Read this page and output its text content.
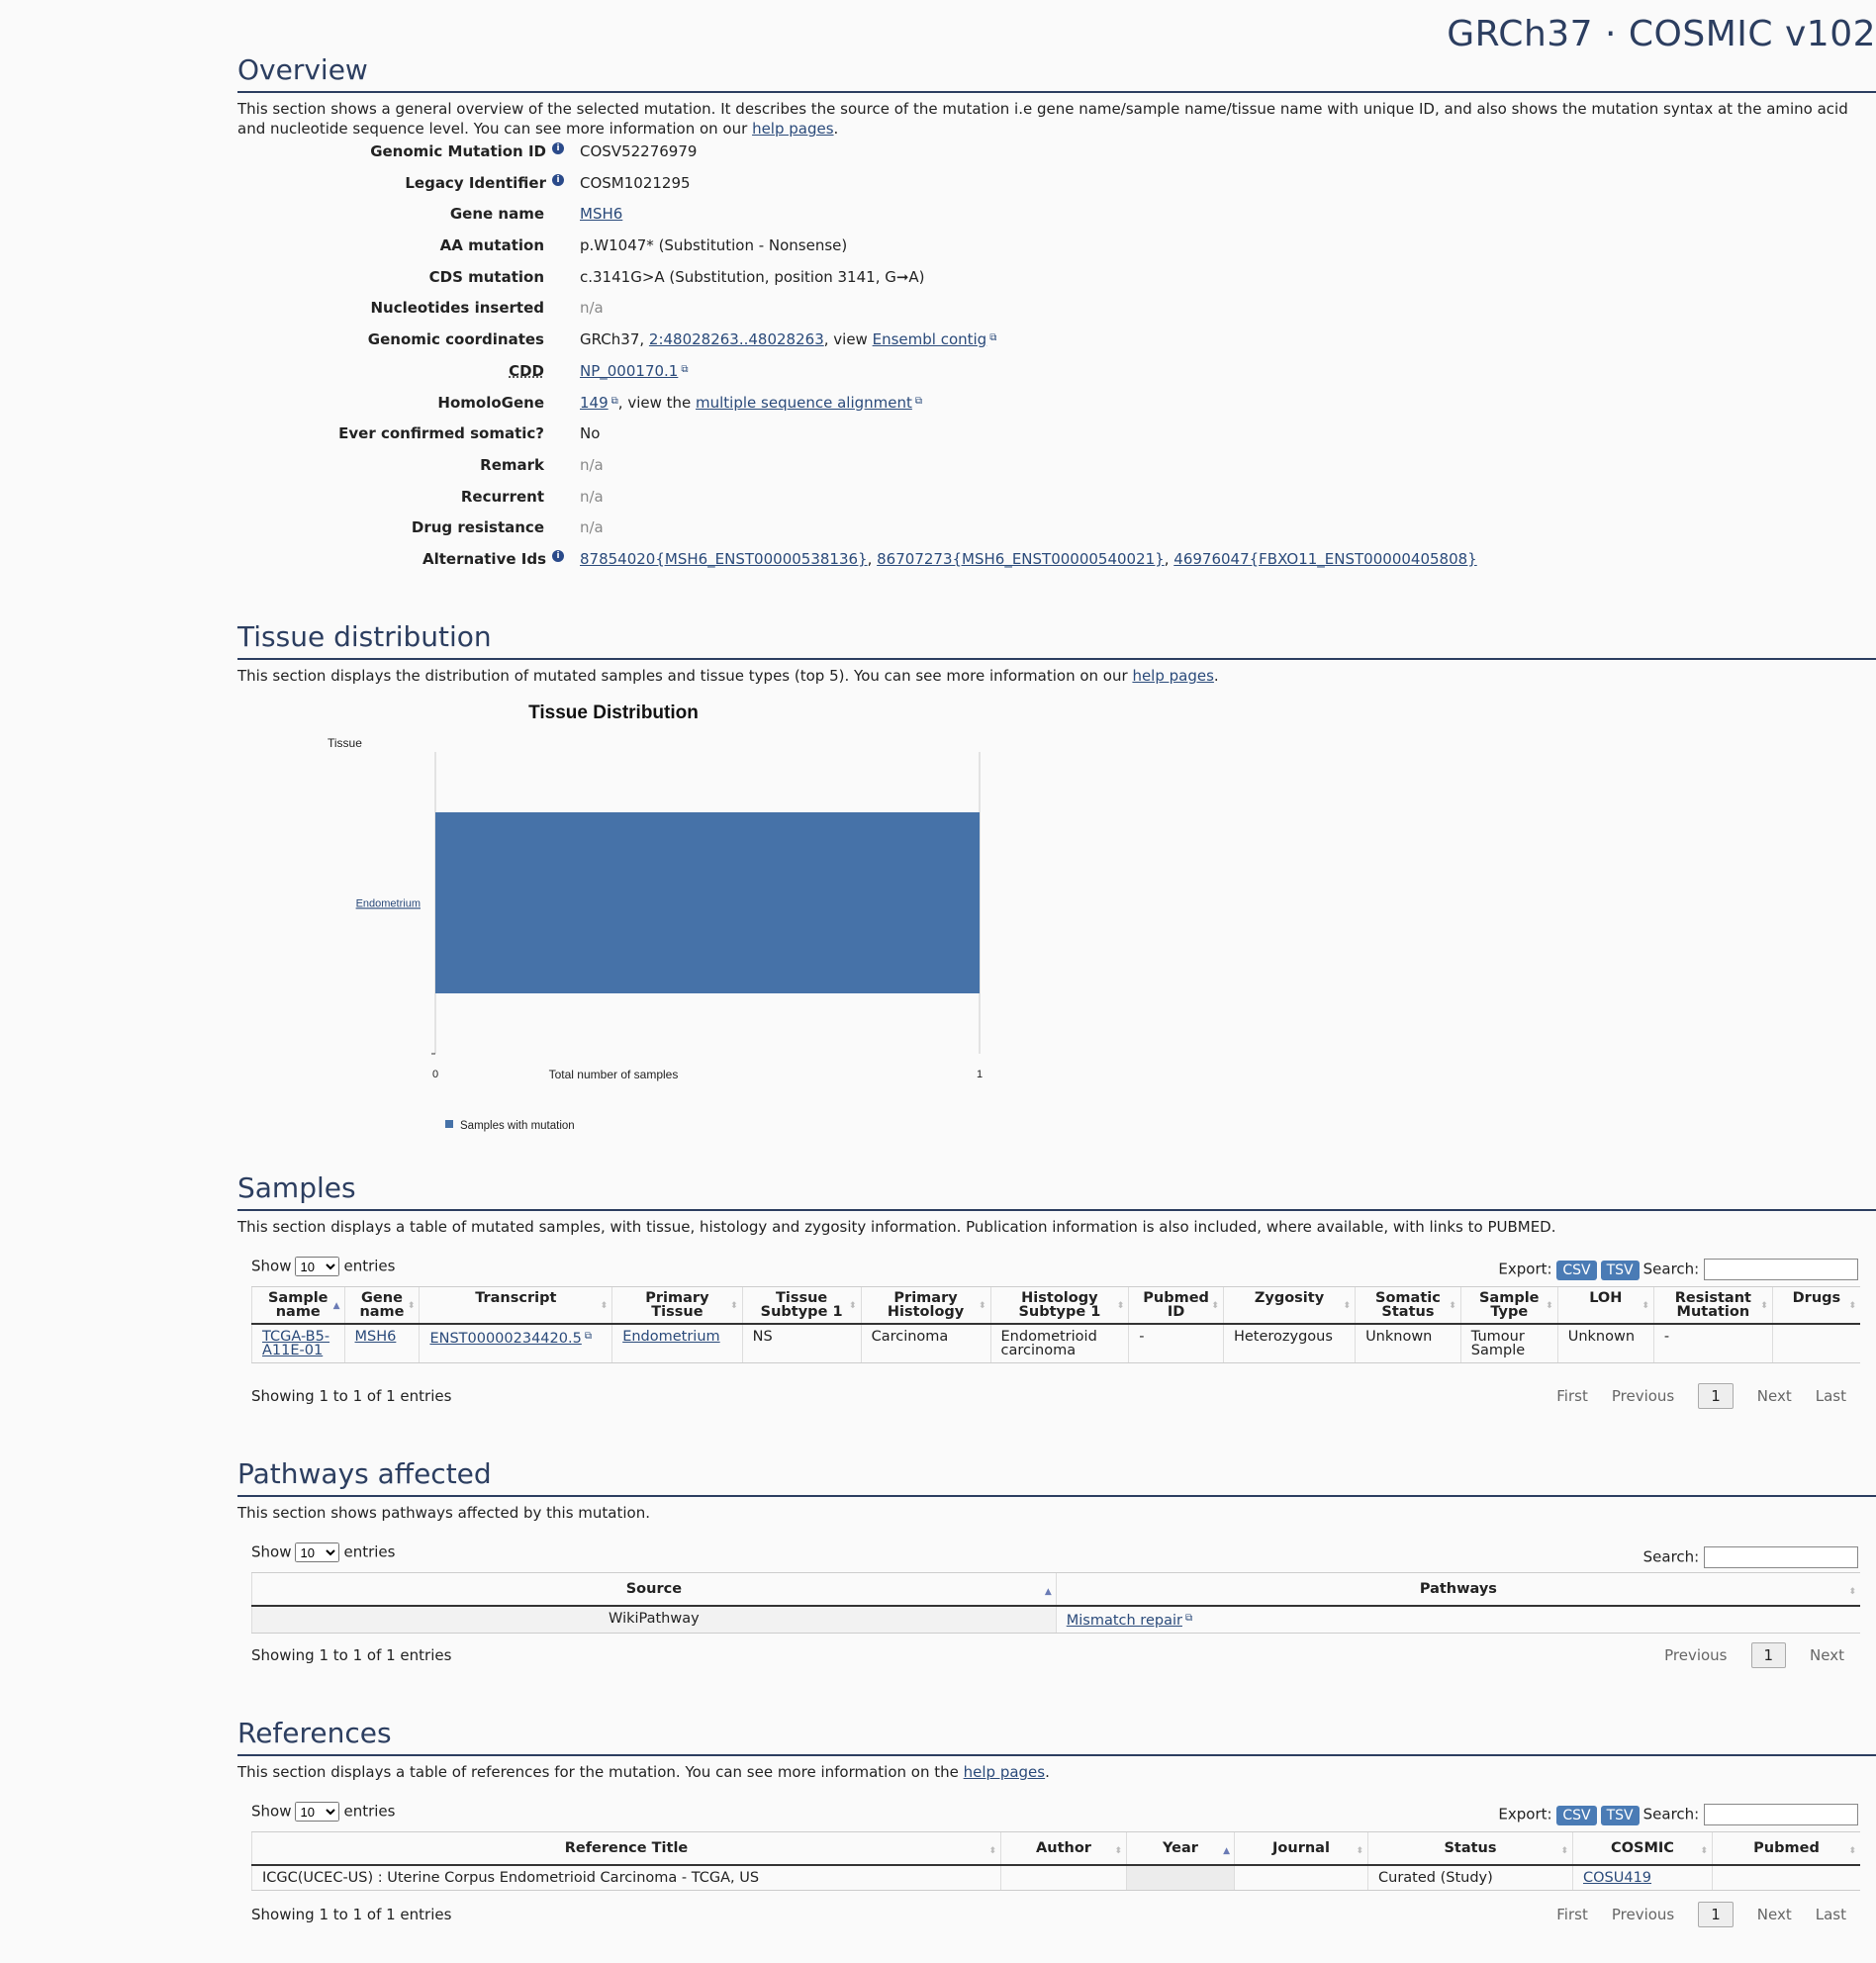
GRCh37 · COSMIC v102
Overview
This section shows a general overview of the selected mutation. It describes the source of the mutation i.e gene name/sample name/tissue name with unique ID, and also shows the mutation syntax at the amino acid and nucleotide sequence level. You can see more information on our help pages.
Genomic Mutation ID i COSV52276979
Legacy Identifier i COSM1021295
Gene name	MSH6
AA mutation	p.W1047* (Substitution - Nonsense)
CDS mutation	c.3141G>A (Substitution, position 3141, G➞A)
Nucleotides inserted	n/a
Genomic coordinates	GRCh37, 2:48028263..48028263, view Ensembl contig ⧉
CDD	NP_000170.1 ⧉
HomoloGene	149 ⧉, view the multiple sequence alignment ⧉
Ever confirmed somatic?	No
Remark	n/a
Recurrent	n/a
Drug resistance	n/a
Alternative Ids i 87854020{MSH6_ENST00000538136}, 86707273{MSH6_ENST00000540021}, 46976047{FBXO11_ENST00000405808}
Tissue distribution
This section displays the distribution of mutated samples and tissue types (top 5). You can see more information on our help pages.
Tissue Distribution
Tissue
Endometrium
0	1
Total number of samples
Samples with mutation
Samples
This section displays a table of mutated samples, with tissue, histology and zygosity information. Publication information is also included, where available, with links to PUBMED.
Show
10	entries	Export: CSV TSV Search:
Sample name ▲	Gene name ⬍	Transcript ⬍	Primary Tissue ⬍	Tissue Subtype 1 ⬍	Primary Histology ⬍	Histology Subtype 1 ⬍	Pubmed ID ⬍	Zygosity ⬍	Somatic Status ⬍	Sample Type ⬍	LOH ⬍	Resistant Mutation ⬍	Drugs ⬍

TCGA-B5-A11E-01	MSH6	ENST00000234420.5 ⧉	Endometrium	NS	Carcinoma	Endometrioid carcinoma	-	Heterozygous	Unknown	Tumour Sample	Unknown	-	
Showing 1 to 1 of 1 entries	First Previous 1 Next Last
Pathways affected
This section shows pathways affected by this mutation.
Show
10	entries	Search:
Source ▲	Pathways ⬍

WikiPathway	Mismatch repair ⧉
Showing 1 to 1 of 1 entries	Previous 1 Next
References
This section displays a table of references for the mutation. You can see more information on the help pages.
Show
10	entries	Export: CSV TSV Search:
Reference Title ⬍	Author ⬍	Year ▲	Journal ⬍	Status ⬍	COSMIC ⬍	Pubmed ⬍

ICGC(UCEC-US) : Uterine Corpus Endometrioid Carcinoma - TCGA, US				Curated (Study)	COSU419	
Showing 1 to 1 of 1 entries	First Previous 1 Next Last
